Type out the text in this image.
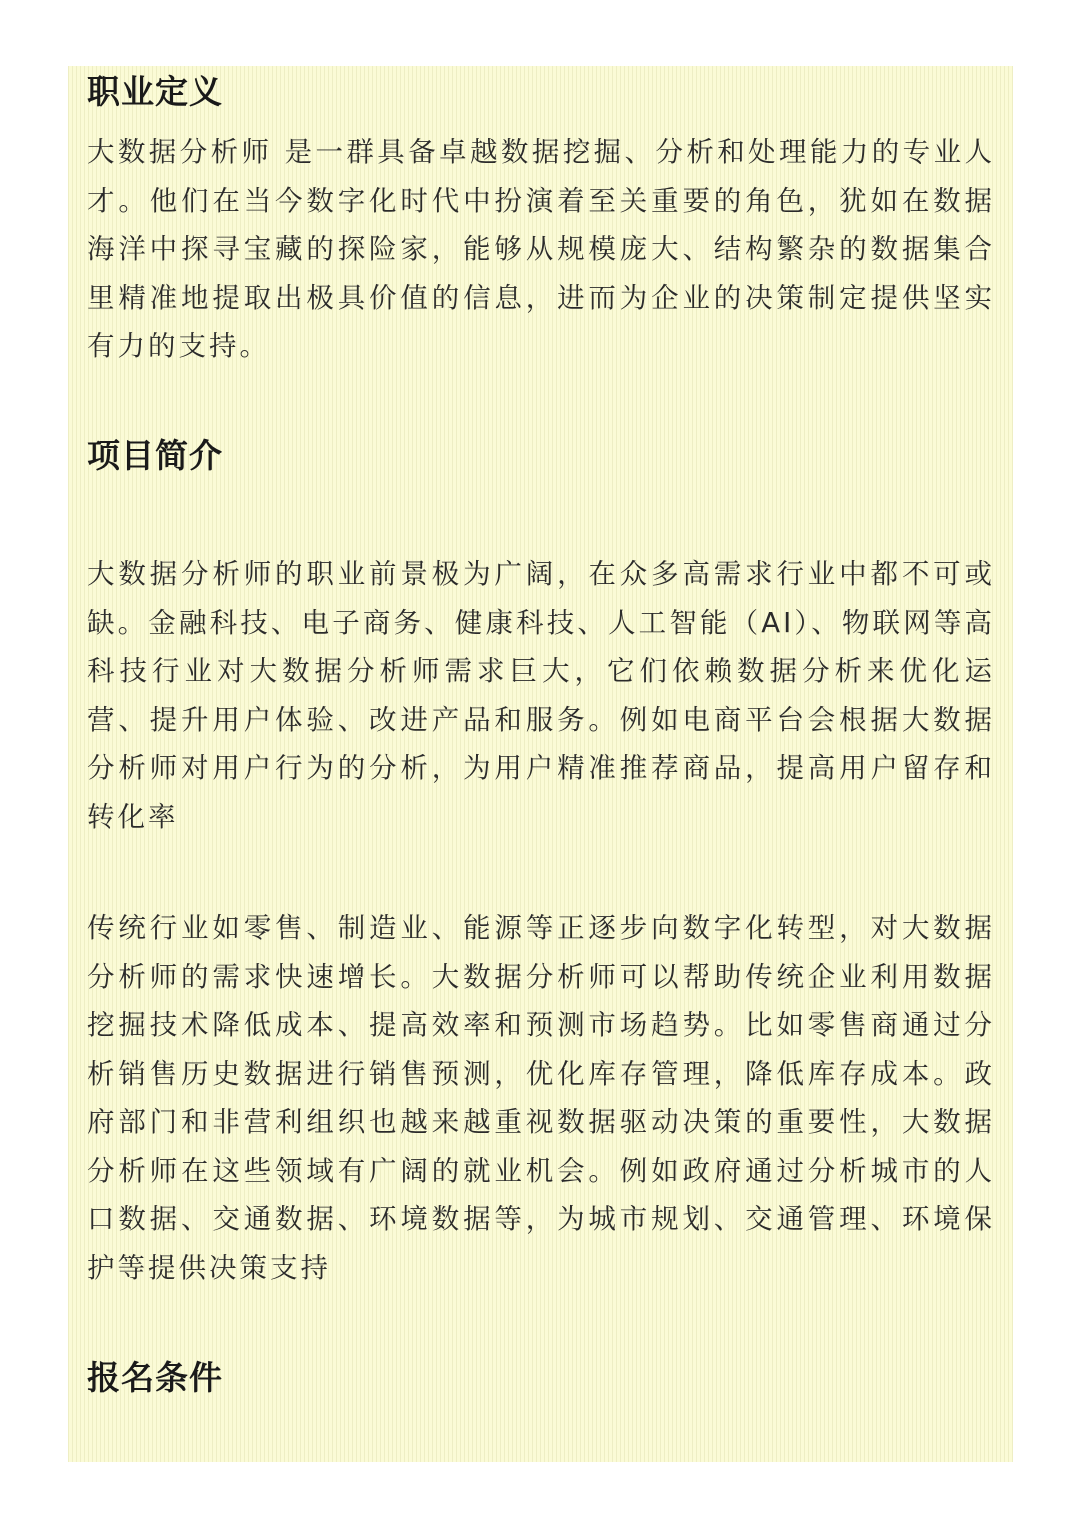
职业定义

大数据分析师 是一群具备卓越数据挖掘、分析和处理能力的专业人才。他们在当今数字化时代中扮演着至关重要的角色，犹如在数据海洋中探寻宝藏的探险家，能够从规模庞大、结构繁杂的数据集合里精准地提取出极具价值的信息，进而为企业的决策制定提供坚实有力的支持。

项目简介

大数据分析师的职业前景极为广阔，在众多高需求行业中都不可或缺。金融科技、电子商务、健康科技、人工智能（AI）、物联网等高科技行业对大数据分析师需求巨大，它们依赖数据分析来优化运营、提升用户体验、改进产品和服务。例如电商平台会根据大数据分析师对用户行为的分析，为用户精准推荐商品，提高用户留存和转化率

传统行业如零售、制造业、能源等正逐步向数字化转型，对大数据分析师的需求快速增长。大数据分析师可以帮助传统企业利用数据挖掘技术降低成本、提高效率和预测市场趋势。比如零售商通过分析销售历史数据进行销售预测，优化库存管理，降低库存成本。政府部门和非营利组织也越来越重视数据驱动决策的重要性，大数据分析师在这些领域有广阔的就业机会。例如政府通过分析城市的人口数据、交通数据、环境数据等，为城市规划、交通管理、环境保护等提供决策支持

报名条件
